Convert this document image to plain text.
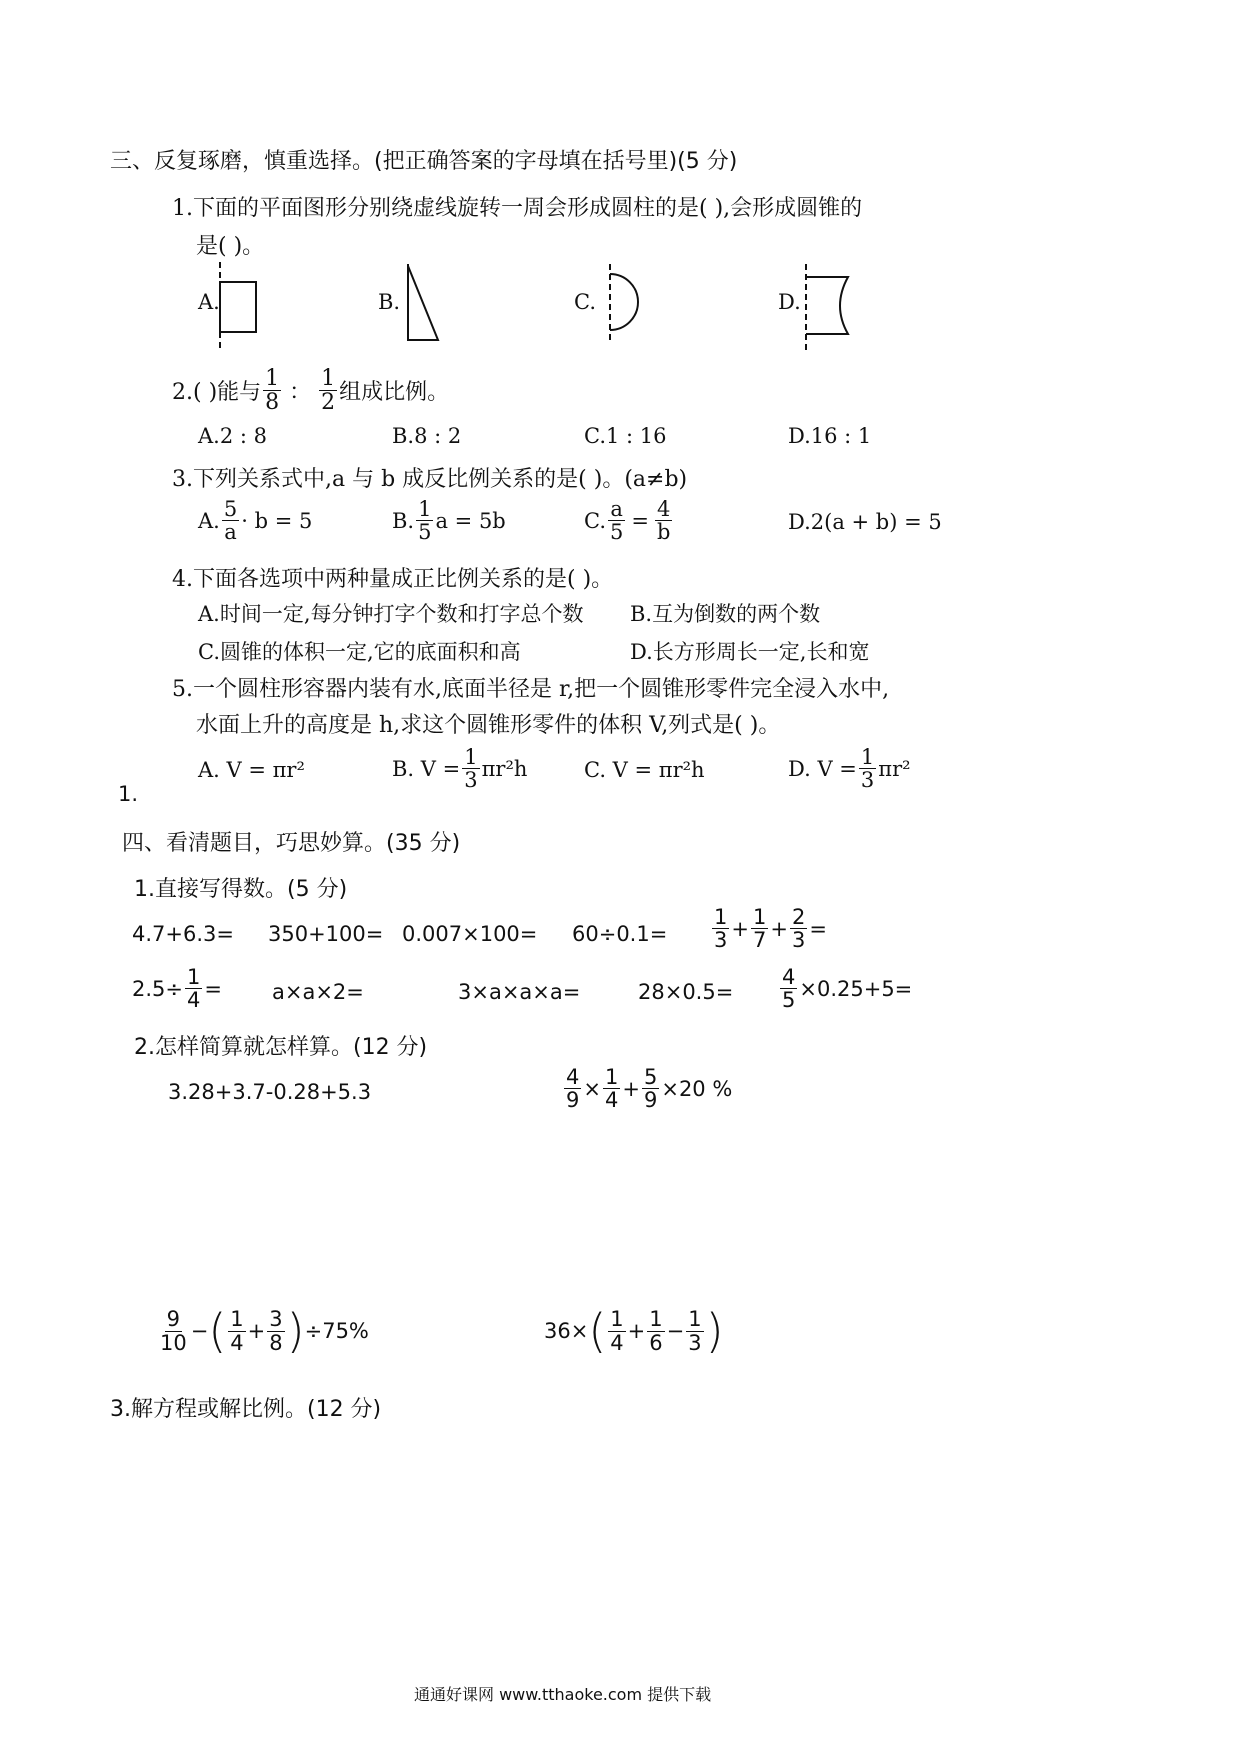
三、反复琢磨，慎重选择。(把正确答案的字母填在括号里)(5 分)
1.下面的平面图形分别绕虚线旋转一周会形成圆柱的是( ),会形成圆锥的
是( )。
A.	B.	C.	D.
2.( )能与 $\frac{1}{8}$ ： $\frac{1}{2}$ 组成比例。
A.2 : 8	B.8 : 2	C.1 : 16	D.16 : 1
3.下列关系式中,a 与 b 成反比例关系的是( )。(a≠b)
A. $\frac{5}{a} \cdot b = 5$	B. $\frac{1}{5}$ a = 5b	C. $\frac{a}{5} = \frac{4}{b}$	D.2(a + b) = 5
4.下面各选项中两种量成正比例关系的是( )。
A.时间一定,每分钟打字个数和打字总个数 B.互为倒数的两个数
C.圆锥的体积一定,它的底面积和高	D.长方形周长一定,长和宽
5.一个圆柱形容器内装有水,底面半径是 r,把一个圆锥形零件完全浸入水中,
水面上升的高度是 h,求这个圆锥形零件的体积 V,列式是( )。
A. V = πr²	B. $V = \frac{1}{3} \pi r^2h$	C. V = πr²h	D. $V = \frac{1}{3} \pi r^2$
1.
四、看清题目，巧思妙算。(35 分)
1.直接写得数。(5 分)
$4.7+6.3= 350+100= 0.007\times 100= 60\div 0.1= \frac{1}{3} + \frac{1}{7} + \frac{2}{3}$ =
$2.5\div \frac{1}{4} = a\times a\times 2=$	3×a×a×a=	$28\times 0.5= \frac{4}{5} \times 0.25+5=$
2.怎样简算就怎样算。(12 分)
3.28+3.7-0.28+5.3	$\frac{4}{9} \times \frac{1}{4} + \frac{5}{9} \times 20$ %
$\frac{9}{10}$ − ( $\frac{1}{4} + \frac{3}{8}$ ) ÷75%	36× ( $\frac{1}{4} + \frac{1}{6} - \frac{1}{3}$ )
3.解方程或解比例。(12 分)
通通好课网 www.tthaoke.com 提供下载
